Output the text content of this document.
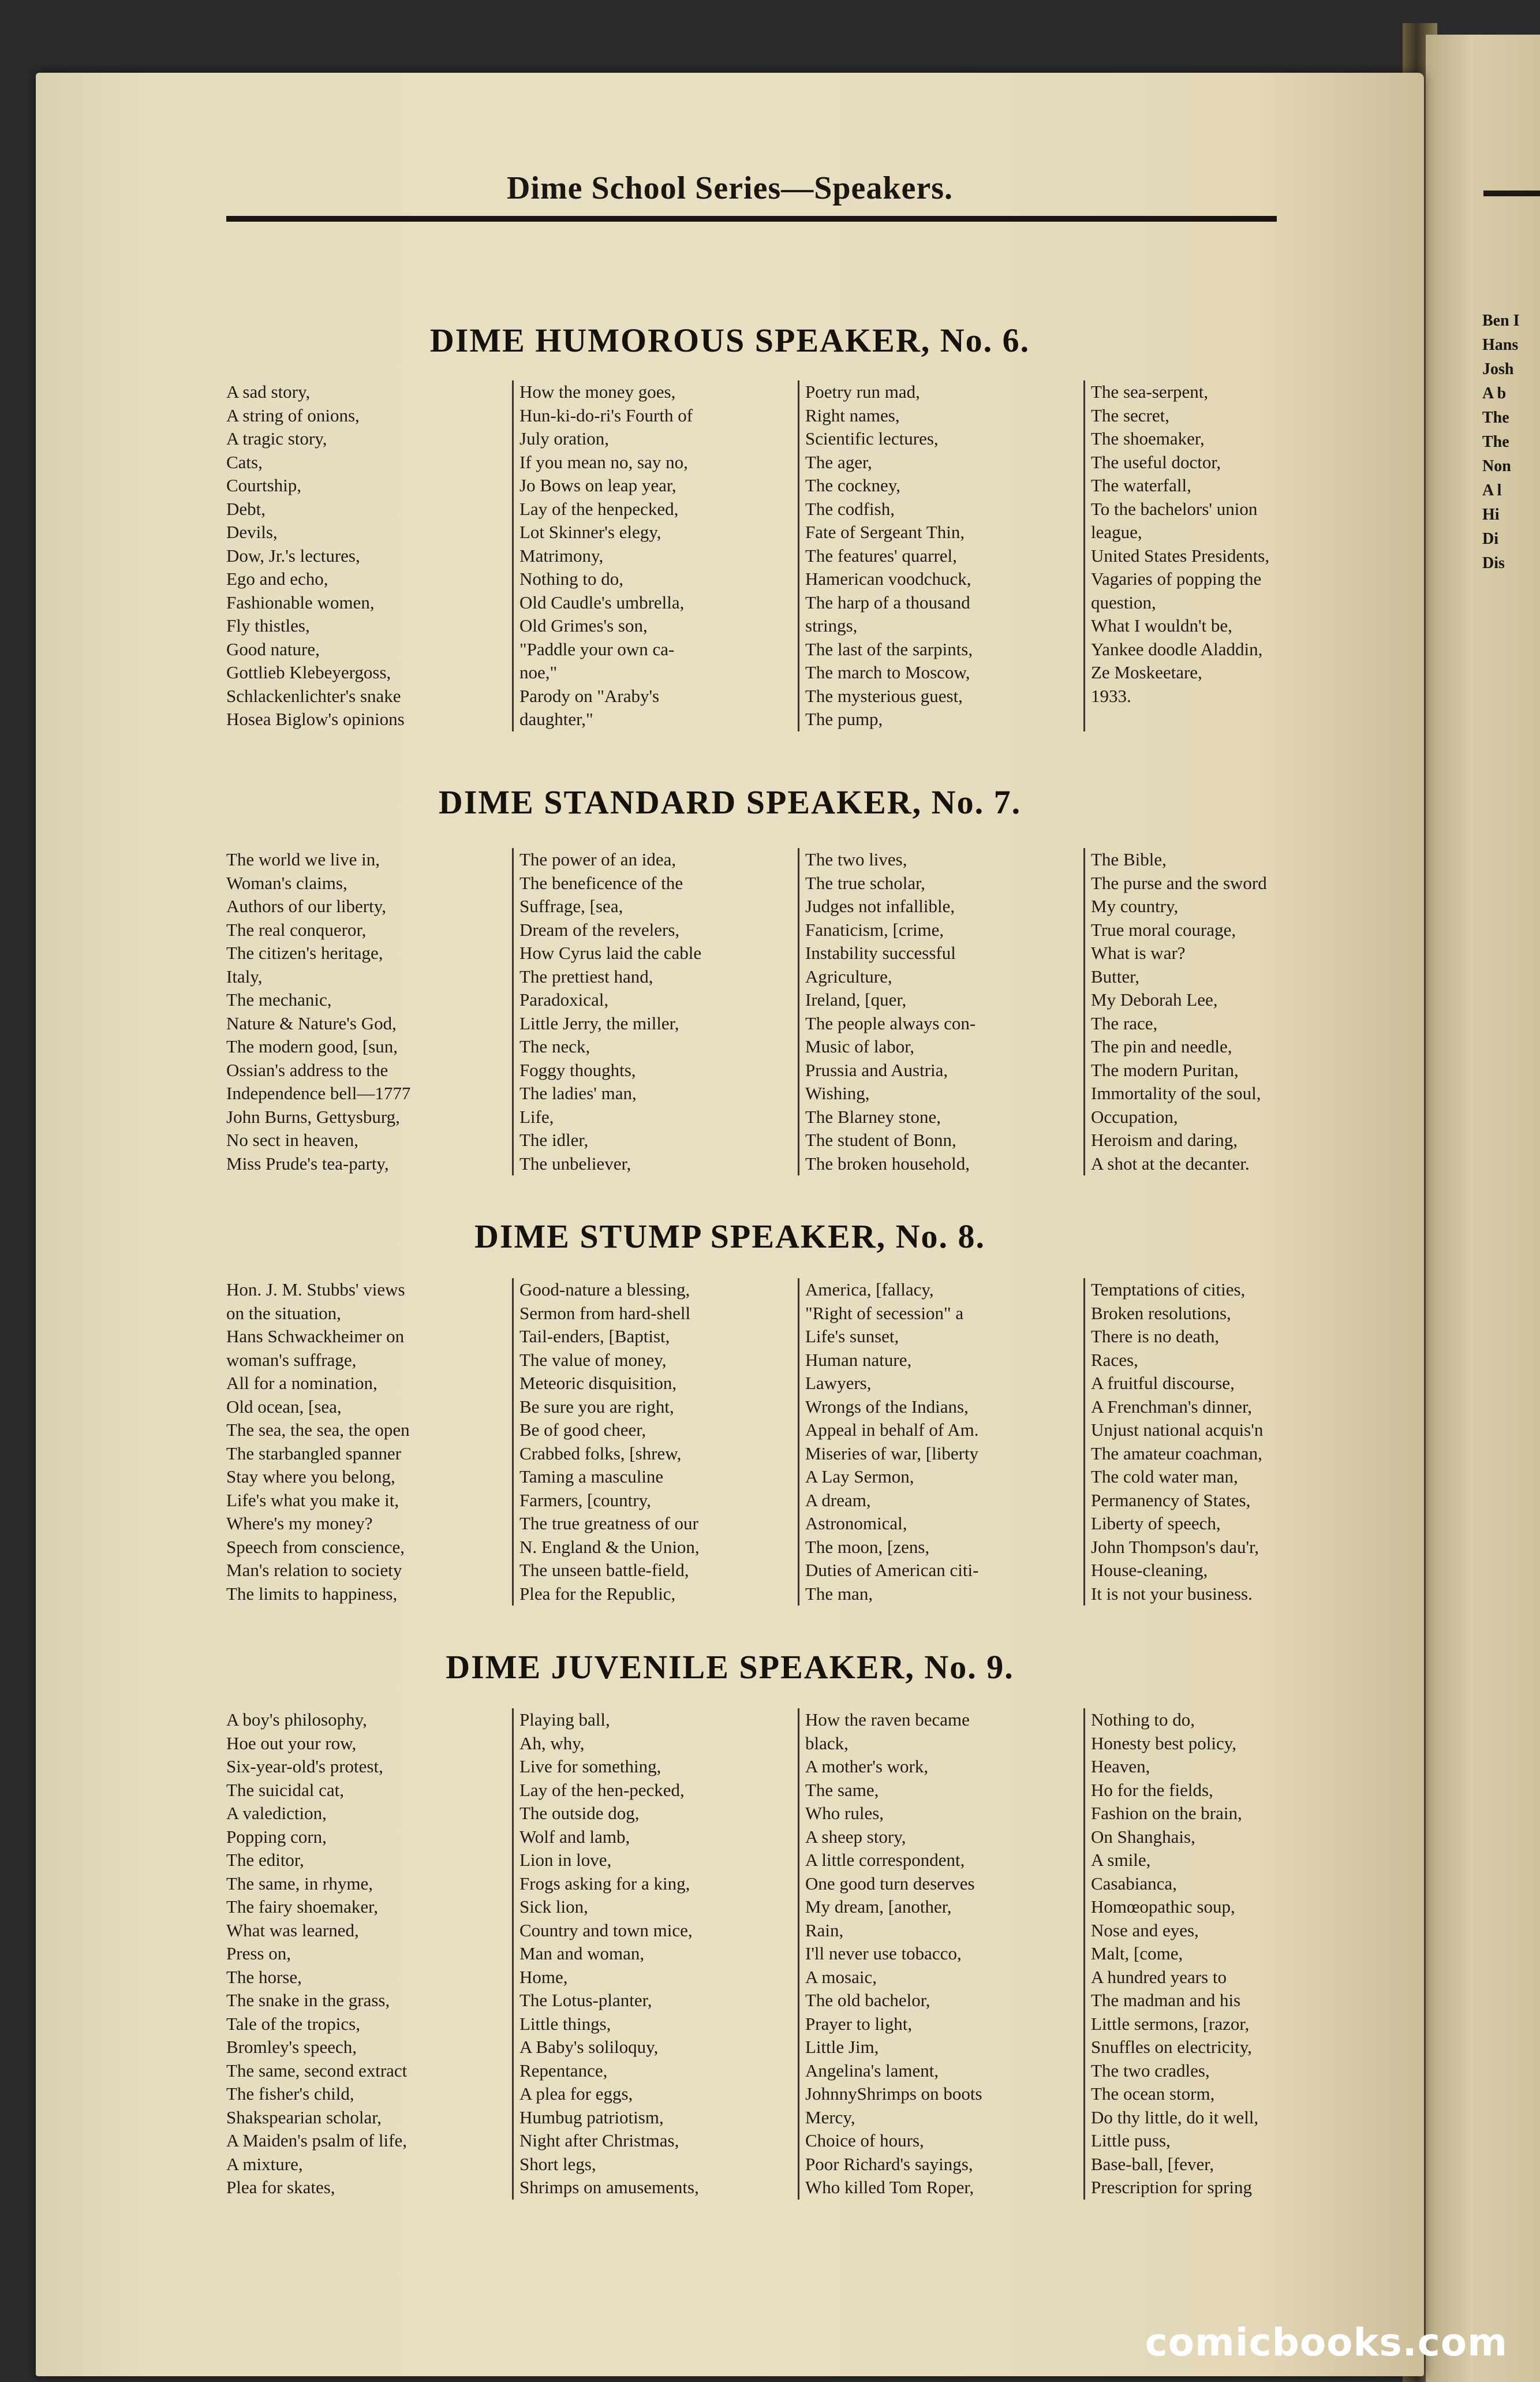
Ben I
Hans
Josh
A b
The
The
Non
A l
Hi
Di
Dis
Dime School Series—Speakers.
DIME HUMOROUS SPEAKER, No. 6.
A sad story,
A string of onions,
A tragic story,
Cats,
Courtship,
Debt,
Devils,
Dow, Jr.'s lectures,
Ego and echo,
Fashionable women,
Fly thistles,
Good nature,
Gottlieb Klebeyergoss,
Schlackenlichter's snake
Hosea Biglow's opinions
How the money goes,
Hun-ki-do-ri's Fourth of
July oration,
If you mean no, say no,
Jo Bows on leap year,
Lay of the henpecked,
Lot Skinner's elegy,
Matrimony,
Nothing to do,
Old Caudle's umbrella,
Old Grimes's son,
"Paddle your own ca-
noe,"
Parody on "Araby's
daughter,"
Poetry run mad,
Right names,
Scientific lectures,
The ager,
The cockney,
The codfish,
Fate of Sergeant Thin,
The features' quarrel,
Hamerican voodchuck,
The harp of a thousand
strings,
The last of the sarpints,
The march to Moscow,
The mysterious guest,
The pump,
The sea-serpent,
The secret,
The shoemaker,
The useful doctor,
The waterfall,
To the bachelors' union
league,
United States Presidents,
Vagaries of popping the
question,
What I wouldn't be,
Yankee doodle Aladdin,
Ze Moskeetare,
1933.
DIME STANDARD SPEAKER, No. 7.
The world we live in,
Woman's claims,
Authors of our liberty,
The real conqueror,
The citizen's heritage,
Italy,
The mechanic,
Nature & Nature's God,
The modern good, [sun,
Ossian's address to the
Independence bell—1777
John Burns, Gettysburg,
No sect in heaven,
Miss Prude's tea-party,
The power of an idea,
The beneficence of the
Suffrage, [sea,
Dream of the revelers,
How Cyrus laid the cable
The prettiest hand,
Paradoxical,
Little Jerry, the miller,
The neck,
Foggy thoughts,
The ladies' man,
Life,
The idler,
The unbeliever,
The two lives,
The true scholar,
Judges not infallible,
Fanaticism, [crime,
Instability successful
Agriculture,
Ireland, [quer,
The people always con-
Music of labor,
Prussia and Austria,
Wishing,
The Blarney stone,
The student of Bonn,
The broken household,
The Bible,
The purse and the sword
My country,
True moral courage,
What is war?
Butter,
My Deborah Lee,
The race,
The pin and needle,
The modern Puritan,
Immortality of the soul,
Occupation,
Heroism and daring,
A shot at the decanter.
DIME STUMP SPEAKER, No. 8.
Hon. J. M. Stubbs' views
on the situation,
Hans Schwackheimer on
woman's suffrage,
All for a nomination,
Old ocean, [sea,
The sea, the sea, the open
The starbangled spanner
Stay where you belong,
Life's what you make it,
Where's my money?
Speech from conscience,
Man's relation to society
The limits to happiness,
Good-nature a blessing,
Sermon from hard-shell
Tail-enders, [Baptist,
The value of money,
Meteoric disquisition,
Be sure you are right,
Be of good cheer,
Crabbed folks, [shrew,
Taming a masculine
Farmers, [country,
The true greatness of our
N. England & the Union,
The unseen battle-field,
Plea for the Republic,
America, [fallacy,
"Right of secession" a
Life's sunset,
Human nature,
Lawyers,
Wrongs of the Indians,
Appeal in behalf of Am.
Miseries of war, [liberty
A Lay Sermon,
A dream,
Astronomical,
The moon, [zens,
Duties of American citi-
The man,
Temptations of cities,
Broken resolutions,
There is no death,
Races,
A fruitful discourse,
A Frenchman's dinner,
Unjust national acquis'n
The amateur coachman,
The cold water man,
Permanency of States,
Liberty of speech,
John Thompson's dau'r,
House-cleaning,
It is not your business.
DIME JUVENILE SPEAKER, No. 9.
A boy's philosophy,
Hoe out your row,
Six-year-old's protest,
The suicidal cat,
A valediction,
Popping corn,
The editor,
The same, in rhyme,
The fairy shoemaker,
What was learned,
Press on,
The horse,
The snake in the grass,
Tale of the tropics,
Bromley's speech,
The same, second extract
The fisher's child,
Shakspearian scholar,
A Maiden's psalm of life,
A mixture,
Plea for skates,
Playing ball,
Ah, why,
Live for something,
Lay of the hen-pecked,
The outside dog,
Wolf and lamb,
Lion in love,
Frogs asking for a king,
Sick lion,
Country and town mice,
Man and woman,
Home,
The Lotus-planter,
Little things,
A Baby's soliloquy,
Repentance,
A plea for eggs,
Humbug patriotism,
Night after Christmas,
Short legs,
Shrimps on amusements,
How the raven became
black,
A mother's work,
The same,
Who rules,
A sheep story,
A little correspondent,
One good turn deserves
My dream, [another,
Rain,
I'll never use tobacco,
A mosaic,
The old bachelor,
Prayer to light,
Little Jim,
Angelina's lament,
JohnnyShrimps on boots
Mercy,
Choice of hours,
Poor Richard's sayings,
Who killed Tom Roper,
Nothing to do,
Honesty best policy,
Heaven,
Ho for the fields,
Fashion on the brain,
On Shanghais,
A smile,
Casabianca,
Homœopathic soup,
Nose and eyes,
Malt, [come,
A hundred years to
The madman and his
Little sermons, [razor,
Snuffles on electricity,
The two cradles,
The ocean storm,
Do thy little, do it well,
Little puss,
Base-ball, [fever,
Prescription for spring
comicbooks.com
